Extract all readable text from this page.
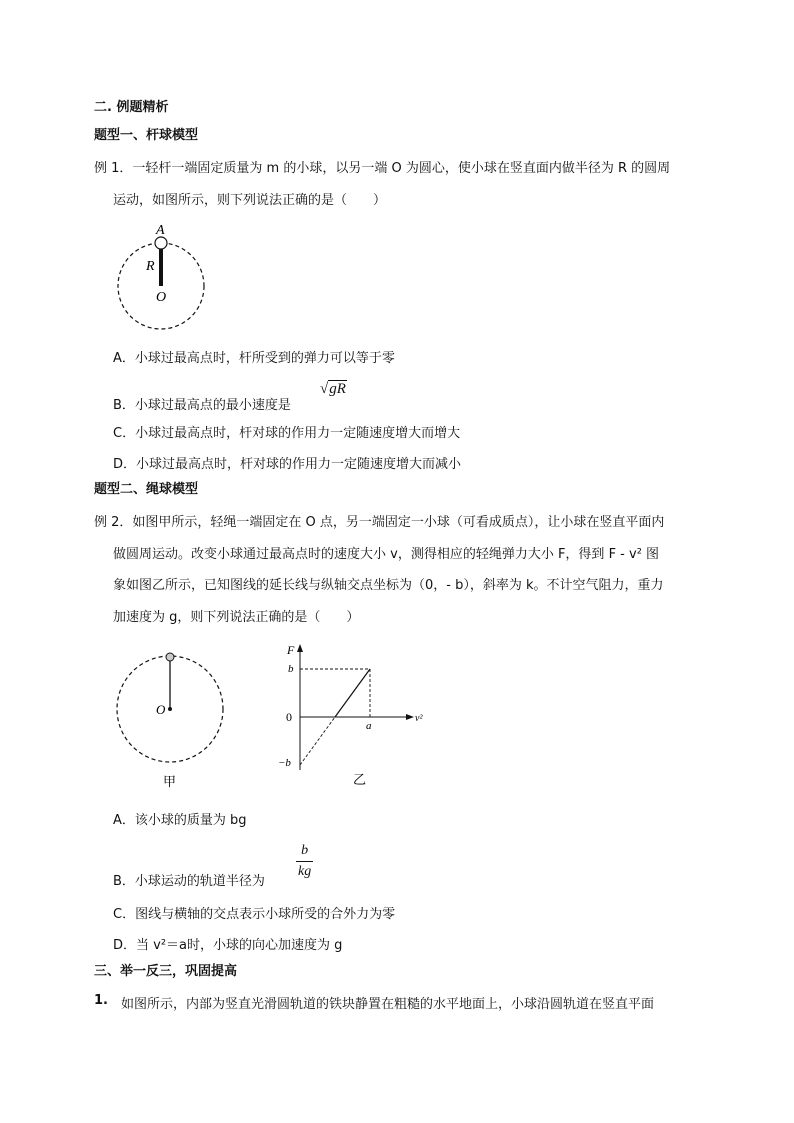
二. 例题精析
题型一、杆球模型
例 1．一轻杆一端固定质量为 m 的小球，以另一端 O 为圆心，使小球在竖直面内做半径为 R 的圆周
运动，如图所示，则下列说法正确的是（　　）
A
R
O
A．小球过最高点时，杆所受到的弹力可以等于零
B．小球过最高点的最小速度是
√gR
C．小球过最高点时，杆对球的作用力一定随速度增大而增大
D．小球过最高点时，杆对球的作用力一定随速度增大而减小
题型二、绳球模型
例 2．如图甲所示，轻绳一端固定在 O 点，另一端固定一小球（可看成质点），让小球在竖直平面内
做圆周运动。改变小球通过最高点时的速度大小 v，测得相应的轻绳弹力大小 F，得到 F - v² 图
象如图乙所示，已知图线的延长线与纵轴交点坐标为（0，- b），斜率为 k。不计空气阻力，重力
加速度为 g，则下列说法正确的是（　　）
O
甲
F
v²
0
b
−b
a
乙
A．该小球的质量为 bg
B．小球运动的轨道半径为
b
kg
C．图线与横轴的交点表示小球所受的合外力为零
D．当 v²＝a时，小球的向心加速度为 g
三、举一反三，巩固提高
1. 如图所示，内部为竖直光滑圆轨道的铁块静置在粗糙的水平地面上，小球沿圆轨道在竖直平面
